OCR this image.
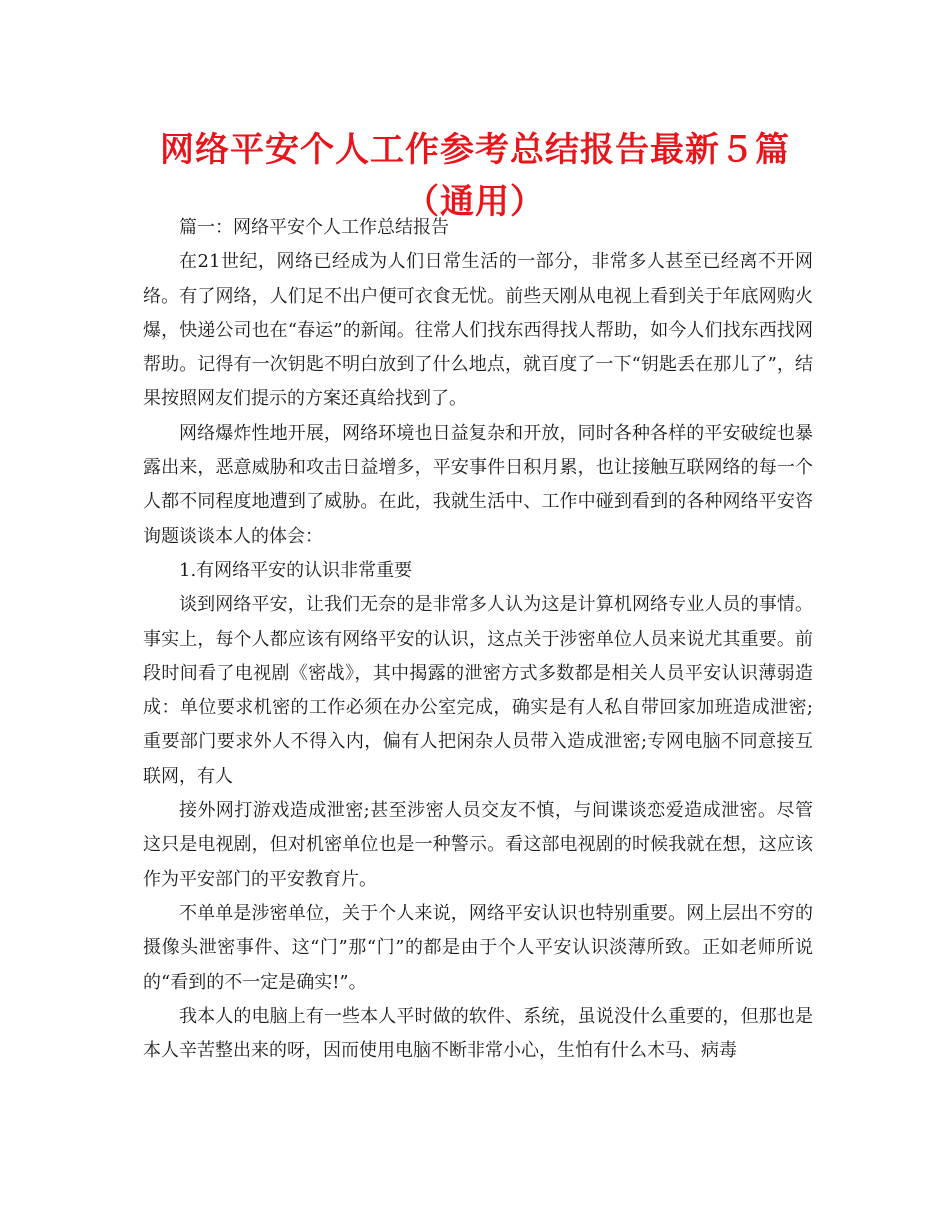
网络平安个人工作参考总结报告最新５篇（通用）

篇一：网络平安个人工作总结报告

在21世纪，网络已经成为人们日常生活的一部分，非常多人甚至已经离不开网络。有了网络，人们足不出户便可衣食无忧。前些天刚从电视上看到关于年底网购火爆，快递公司也在“春运”的新闻。往常人们找东西得找人帮助，如今人们找东西找网帮助。记得有一次钥匙不明白放到了什么地点，就百度了一下“钥匙丢在那儿了”，结果按照网友们提示的方案还真给找到了。

网络爆炸性地开展，网络环境也日益复杂和开放，同时各种各样的平安破绽也暴露出来，恶意威胁和攻击日益增多，平安事件日积月累，也让接触互联网络的每一个人都不同程度地遭到了威胁。在此，我就生活中、工作中碰到看到的各种网络平安咨询题谈谈本人的体会：

1.有网络平安的认识非常重要

谈到网络平安，让我们无奈的是非常多人认为这是计算机网络专业人员的事情。事实上，每个人都应该有网络平安的认识，这点关于涉密单位人员来说尤其重要。前段时间看了电视剧《密战》，其中揭露的泄密方式多数都是相关人员平安认识薄弱造成：单位要求机密的工作必须在办公室完成，确实是有人私自带回家加班造成泄密;重要部门要求外人不得入内，偏有人把闲杂人员带入造成泄密;专网电脑不同意接互联网，有人

接外网打游戏造成泄密;甚至涉密人员交友不慎，与间谍谈恋爱造成泄密。尽管这只是电视剧，但对机密单位也是一种警示。看这部电视剧的时候我就在想，这应该作为平安部门的平安教育片。

不单单是涉密单位，关于个人来说，网络平安认识也特别重要。网上层出不穷的摄像头泄密事件、这“门”那“门”的都是由于个人平安认识淡薄所致。正如老师所说的“看到的不一定是确实!”。

我本人的电脑上有一些本人平时做的软件、系统，虽说没什么重要的，但那也是本人辛苦整出来的呀，因而使用电脑不断非常小心，生怕有什么木马、病毒
